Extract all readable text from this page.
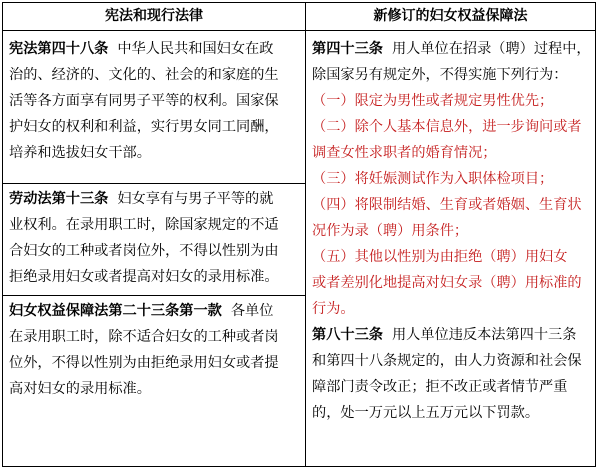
宪法和现行法律	新修订的妇女权益保障法
宪法第四十八条 中华人民共和国妇女在政
治的、经济的、文化的、社会的和家庭的生
活等各方面享有同男子平等的权利。国家保
护妇女的权利和利益，实行男女同工同酬，
培养和选拔妇女干部。
劳动法第十三条 妇女享有与男子平等的就
业权利。在录用职工时，除国家规定的不适
合妇女的工种或者岗位外，不得以性别为由
拒绝录用妇女或者提高对妇女的录用标准。
妇女权益保障法第二十三条第一款 各单位
在录用职工时，除不适合妇女的工种或者岗
位外，不得以性别为由拒绝录用妇女或者提
高对妇女的录用标准。
第四十三条 用人单位在招录（聘）过程中，
除国家另有规定外，不得实施下列行为：
（一）限定为男性或者规定男性优先；
（二）除个人基本信息外，进一步询问或者
调查女性求职者的婚育情况；
（三）将妊娠测试作为入职体检项目；
（四）将限制结婚、生育或者婚姻、生育状
况作为录（聘）用条件；
（五）其他以性别为由拒绝（聘）用妇女
或者差别化地提高对妇女录（聘）用标准的
行为。
第八十三条 用人单位违反本法第四十三条
和第四十八条规定的，由人力资源和社会保
障部门责令改正；拒不改正或者情节严重
的，处一万元以上五万元以下罚款。
